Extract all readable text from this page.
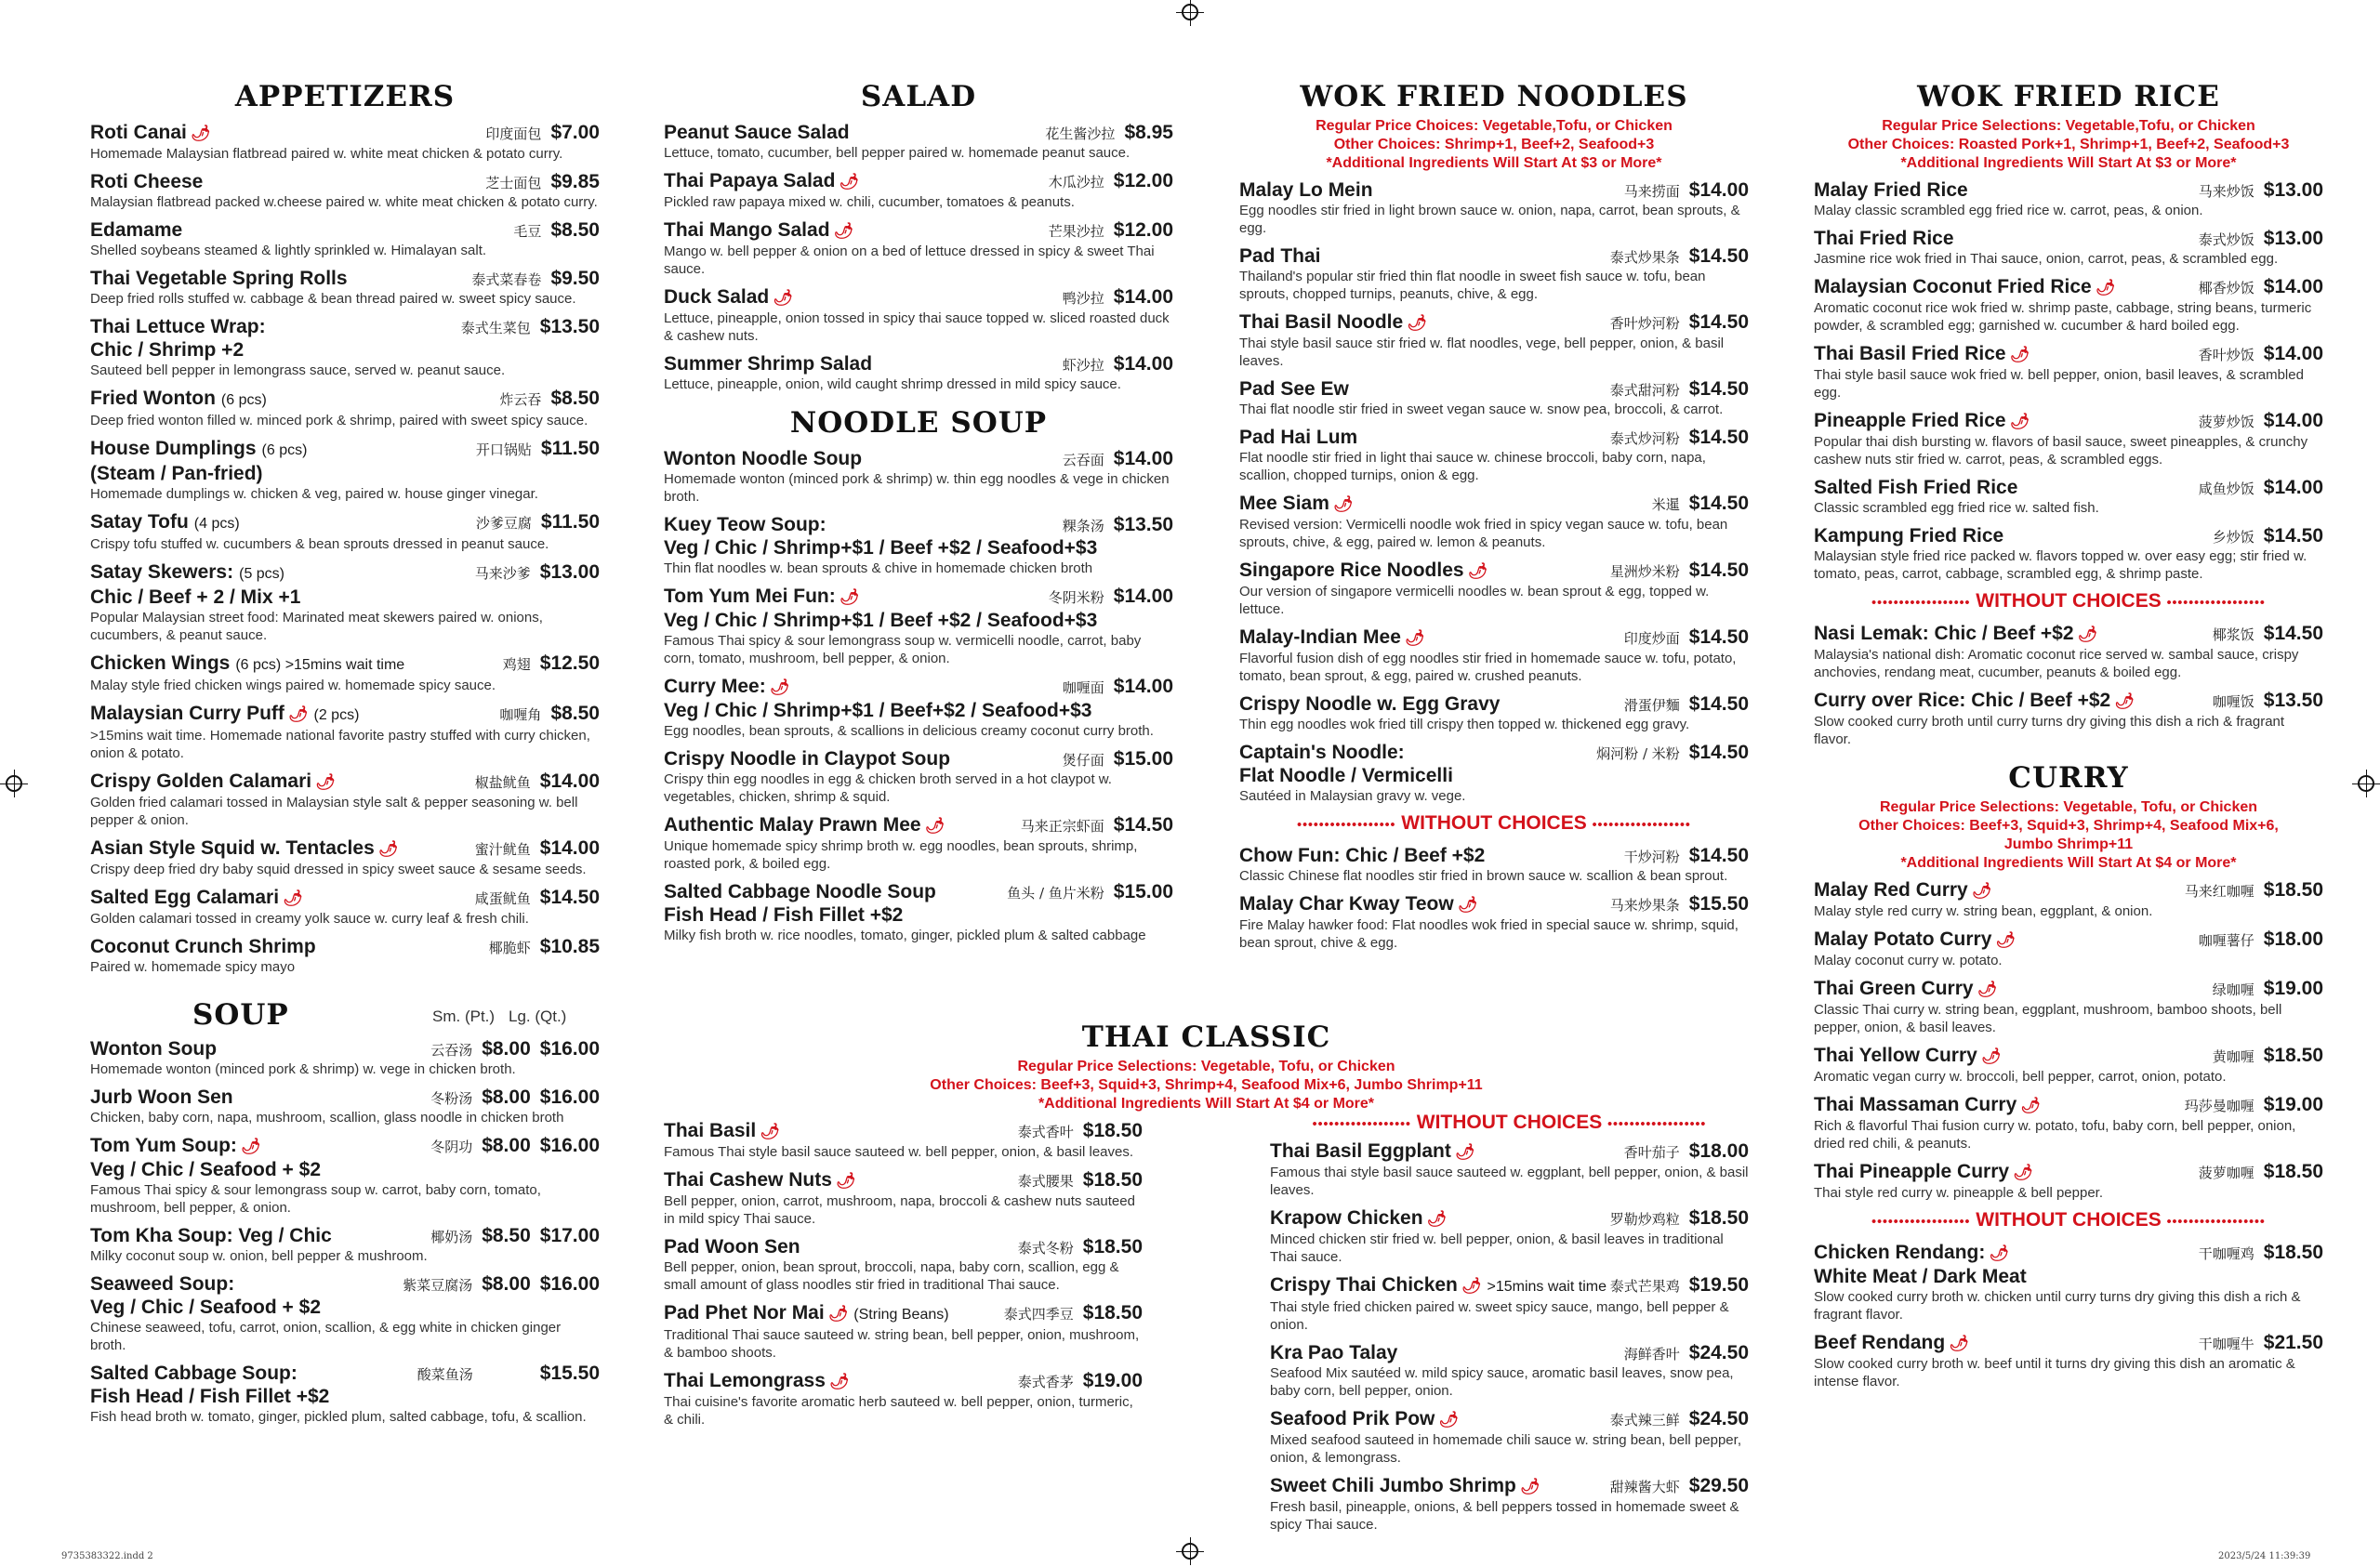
APPETIZERS
Roti Canai 🌶	印度面包 $7.00
Homemade Malaysian flatbread paired w. white meat chicken & potato curry.
Roti Cheese	芝士面包 $9.85
Malaysian flatbread packed w.cheese paired w. white meat chicken & potato curry.
Edamame	毛豆 $8.50
Shelled soybeans steamed & lightly sprinkled w. Himalayan salt.
Thai Vegetable Spring Rolls	泰式菜春卷 $9.50
Deep fried rolls stuffed w. cabbage & bean thread paired w. sweet spicy sauce.
Thai Lettuce Wrap:	泰式生菜包 $13.50
Chic / Shrimp +2
Sauteed bell pepper in lemongrass sauce, served w. peanut sauce.
Fried Wonton (6 pcs)	炸云吞 $8.50
Deep fried wonton filled w. minced pork & shrimp, paired with sweet spicy sauce.
House Dumplings (6 pcs)	开口锅贴 $11.50
(Steam / Pan-fried)
Homemade dumplings w. chicken & veg, paired w. house ginger vinegar.
Satay Tofu (4 pcs)	沙爹豆腐 $11.50
Crispy tofu stuffed w. cucumbers & bean sprouts dressed in peanut sauce.
Satay Skewers: (5 pcs)	马来沙爹 $13.00
Chic / Beef + 2 / Mix +1
Popular Malaysian street food: Marinated meat skewers paired w. onions, cucumbers, & peanut sauce.
Chicken Wings (6 pcs) >15mins wait time	鸡翅 $12.50
Malay style fried chicken wings paired w. homemade spicy sauce.
Malaysian Curry Puff 🌶 (2 pcs)	咖喱角 $8.50
>15mins wait time. Homemade national favorite pastry stuffed with curry chicken, onion & potato.
Crispy Golden Calamari 🌶	椒盐鱿鱼 $14.00
Golden fried calamari tossed in Malaysian style salt & pepper seasoning w. bell pepper & onion.
Asian Style Squid w. Tentacles 🌶	蜜汁鱿鱼 $14.00
Crispy deep fried dry baby squid dressed in spicy sweet sauce & sesame seeds.
Salted Egg Calamari 🌶	咸蛋鱿鱼 $14.50
Golden calamari tossed in creamy yolk sauce w. curry leaf & fresh chili.
Coconut Crunch Shrimp	椰脆虾 $10.85
Paired w. homemade spicy mayo
SOUP	Sm. (Pt.) Lg. (Qt.)
Wonton Soup	云吞汤 $8.00 $16.00
Homemade wonton (minced pork & shrimp) w. vege in chicken broth.
Jurb Woon Sen	冬粉汤 $8.00 $16.00
Chicken, baby corn, napa, mushroom, scallion, glass noodle in chicken broth
Tom Yum Soup: 🌶	冬阴功 $8.00 $16.00
Veg / Chic / Seafood + $2
Famous Thai spicy & sour lemongrass soup w. carrot, baby corn, tomato, mushroom, bell pepper, & onion.
Tom Kha Soup: Veg / Chic	椰奶汤 $8.50 $17.00
Milky coconut soup w. onion, bell pepper & mushroom.
Seaweed Soup:	紫菜豆腐汤 $8.00 $16.00
Veg / Chic / Seafood + $2
Chinese seaweed, tofu, carrot, onion, scallion, & egg white in chicken ginger broth.
Salted Cabbage Soup:	酸菜鱼汤	$15.50
Fish Head / Fish Fillet +$2
Fish head broth w. tomato, ginger, pickled plum, salted cabbage, tofu, & scallion.
SALAD
Peanut Sauce Salad	花生酱沙拉 $8.95
Lettuce, tomato, cucumber, bell pepper paired w. homemade peanut sauce.
Thai Papaya Salad 🌶	木瓜沙拉 $12.00
Pickled raw papaya mixed w. chili, cucumber, tomatoes & peanuts.
Thai Mango Salad 🌶	芒果沙拉 $12.00
Mango w. bell pepper & onion on a bed of lettuce dressed in spicy & sweet Thai sauce.
Duck Salad 🌶	鸭沙拉 $14.00
Lettuce, pineapple, onion tossed in spicy thai sauce topped w. sliced roasted duck & cashew nuts.
Summer Shrimp Salad	虾沙拉 $14.00
Lettuce, pineapple, onion, wild caught shrimp dressed in mild spicy sauce.
NOODLE SOUP
Wonton Noodle Soup	云吞面 $14.00
Homemade wonton (minced pork & shrimp) w. thin egg noodles & vege in chicken broth.
Kuey Teow Soup:	粿条汤 $13.50
Veg / Chic / Shrimp+$1 / Beef +$2 / Seafood+$3
Thin flat noodles w. bean sprouts & chive in homemade chicken broth
Tom Yum Mei Fun: 🌶	冬阴米粉 $14.00
Veg / Chic / Shrimp+$1 / Beef +$2 / Seafood+$3
Famous Thai spicy & sour lemongrass soup w. vermicelli noodle, carrot, baby corn, tomato, mushroom, bell pepper, & onion.
Curry Mee: 🌶	咖喱面 $14.00
Veg / Chic / Shrimp+$1 / Beef+$2 / Seafood+$3
Egg noodles, bean sprouts, & scallions in delicious creamy coconut curry broth.
Crispy Noodle in Claypot Soup	煲仔面 $15.00
Crispy thin egg noodles in egg & chicken broth served in a hot claypot w. vegetables, chicken, shrimp & squid.
Authentic Malay Prawn Mee 🌶	马来正宗虾面 $14.50
Unique homemade spicy shrimp broth w. egg noodles, bean sprouts, shrimp, roasted pork, & boiled egg.
Salted Cabbage Noodle Soup	鱼头 / 鱼片米粉 $15.00
Fish Head / Fish Fillet +$2
Milky fish broth w. rice noodles, tomato, ginger, pickled plum & salted cabbage
WOK FRIED NOODLES
Regular Price Choices: Vegetable,Tofu, or Chicken
Other Choices: Shrimp+1, Beef+2, Seafood+3
*Additional Ingredients Will Start At $3 or More*
Malay Lo Mein	马来捞面 $14.00
Egg noodles stir fried in light brown sauce w. onion, napa, carrot, bean sprouts, & egg.
Pad Thai	泰式炒果条 $14.50
Thailand's popular stir fried thin flat noodle in sweet fish sauce w. tofu, bean sprouts, chopped turnips, peanuts, chive, & egg.
Thai Basil Noodle 🌶	香叶炒河粉 $14.50
Thai style basil sauce stir fried w. flat noodles, vege, bell pepper, onion, & basil leaves.
Pad See Ew	泰式甜河粉 $14.50
Thai flat noodle stir fried in sweet vegan sauce w. snow pea, broccoli, & carrot.
Pad Hai Lum	泰式炒河粉 $14.50
Flat noodle stir fried in light thai sauce w. chinese broccoli, baby corn, napa, scallion, chopped turnips, onion & egg.
Mee Siam 🌶	米暹 $14.50
Revised version: Vermicelli noodle wok fried in spicy vegan sauce w. tofu, bean sprouts, chive, & egg, paired w. lemon & peanuts.
Singapore Rice Noodles 🌶	星洲炒米粉 $14.50
Our version of singapore vermicelli noodles w. bean sprout & egg, topped w. lettuce.
Malay-Indian Mee 🌶	印度炒面 $14.50
Flavorful fusion dish of egg noodles stir fried in homemade sauce w. tofu, potato, tomato, bean sprout, & egg, paired w. crushed peanuts.
Crispy Noodle w. Egg Gravy	滑蛋伊麵 $14.50
Thin egg noodles wok fried till crispy then topped w. thickened egg gravy.
Captain's Noodle:	焖河粉 / 米粉 $14.50
Flat Noodle / Vermicelli
Sautéed in Malaysian gravy w. vege.
•••••••••••••••••• WITHOUT CHOICES ••••••••••••••••••
Chow Fun: Chic / Beef +$2	干炒河粉 $14.50
Classic Chinese flat noodles stir fried in brown sauce w. scallion & bean sprout.
Malay Char Kway Teow 🌶	马来炒果条 $15.50
Fire Malay hawker food: Flat noodles wok fried in special sauce w. shrimp, squid, bean sprout, chive & egg.
WOK FRIED RICE
Regular Price Selections: Vegetable,Tofu, or Chicken
Other Choices: Roasted Pork+1, Shrimp+1, Beef+2, Seafood+3
*Additional Ingredients Will Start At $3 or More*
Malay Fried Rice	马来炒饭 $13.00
Malay classic scrambled egg fried rice w. carrot, peas, & onion.
Thai Fried Rice	泰式炒饭 $13.00
Jasmine rice wok fried in Thai sauce, onion, carrot, peas, & scrambled egg.
Malaysian Coconut Fried Rice 🌶	椰香炒饭 $14.00
Aromatic coconut rice wok fried w. shrimp paste, cabbage, string beans, turmeric powder, & scrambled egg; garnished w. cucumber & hard boiled egg.
Thai Basil Fried Rice 🌶	香叶炒饭 $14.00
Thai style basil sauce wok fried w. bell pepper, onion, basil leaves, & scrambled egg.
Pineapple Fried Rice 🌶	菠萝炒饭 $14.00
Popular thai dish bursting w. flavors of basil sauce, sweet pineapples, & crunchy cashew nuts stir fried w. carrot, peas, & scrambled eggs.
Salted Fish Fried Rice	咸鱼炒饭 $14.00
Classic scrambled egg fried rice w. salted fish.
Kampung Fried Rice	乡炒饭 $14.50
Malaysian style fried rice packed w. flavors topped w. over easy egg; stir fried w. tomato, peas, carrot, cabbage, scrambled egg, & shrimp paste.
•••••••••••••••••• WITHOUT CHOICES ••••••••••••••••••
Nasi Lemak: Chic / Beef +$2 🌶	椰浆饭 $14.50
Malaysia's national dish: Aromatic coconut rice served w. sambal sauce, crispy anchovies, rendang meat, cucumber, peanuts & boiled egg.
Curry over Rice: Chic / Beef +$2 🌶	咖喱饭 $13.50
Slow cooked curry broth until curry turns dry giving this dish a rich & fragrant flavor.
CURRY
Regular Price Selections: Vegetable, Tofu, or Chicken
Other Choices: Beef+3, Squid+3, Shrimp+4, Seafood Mix+6,
Jumbo Shrimp+11
*Additional Ingredients Will Start At $4 or More*
Malay Red Curry 🌶	马来红咖喱 $18.50
Malay style red curry w. string bean, eggplant, & onion.
Malay Potato Curry 🌶	咖喱薯仔 $18.00
Malay coconut curry w. potato.
Thai Green Curry 🌶	绿咖喱 $19.00
Classic Thai curry w. string bean, eggplant, mushroom, bamboo shoots, bell pepper, onion, & basil leaves.
Thai Yellow Curry 🌶	黄咖喱 $18.50
Aromatic vegan curry w. broccoli, bell pepper, carrot, onion, potato.
Thai Massaman Curry 🌶	玛莎曼咖喱 $19.00
Rich & flavorful Thai fusion curry w. potato, tofu, baby corn, bell pepper, onion, dried red chili, & peanuts.
Thai Pineapple Curry 🌶	菠萝咖喱 $18.50
Thai style red curry w. pineapple & bell pepper.
•••••••••••••••••• WITHOUT CHOICES ••••••••••••••••••
Chicken Rendang: 🌶	干咖喱鸡 $18.50
White Meat / Dark Meat
Slow cooked curry broth w. chicken until curry turns dry giving this dish a rich & fragrant flavor.
Beef Rendang 🌶	干咖喱牛 $21.50
Slow cooked curry broth w. beef until it turns dry giving this dish an aromatic & intense flavor.
THAI CLASSIC
Regular Price Selections: Vegetable, Tofu, or Chicken
Other Choices: Beef+3, Squid+3, Shrimp+4, Seafood Mix+6, Jumbo Shrimp+11
*Additional Ingredients Will Start At $4 or More*
Thai Basil 🌶	泰式香叶 $18.50
Famous Thai style basil sauce sauteed w. bell pepper, onion, & basil leaves.
Thai Cashew Nuts 🌶	泰式腰果 $18.50
Bell pepper, onion, carrot, mushroom, napa, broccoli & cashew nuts sauteed in mild spicy Thai sauce.
Pad Woon Sen	泰式冬粉 $18.50
Bell pepper, onion, bean sprout, broccoli, napa, baby corn, scallion, egg & small amount of glass noodles stir fried in traditional Thai sauce.
Pad Phet Nor Mai 🌶 (String Beans)	泰式四季豆 $18.50
Traditional Thai sauce sauteed w. string bean, bell pepper, onion, mushroom, & bamboo shoots.
Thai Lemongrass 🌶	泰式香茅 $19.00
Thai cuisine's favorite aromatic herb sauteed w. bell pepper, onion, turmeric, & chili.
•••••••••••••••••• WITHOUT CHOICES ••••••••••••••••••
Thai Basil Eggplant 🌶	香叶茄子 $18.00
Famous thai style basil sauce sauteed w. eggplant, bell pepper, onion, & basil leaves.
Krapow Chicken 🌶	罗勒炒鸡粒 $18.50
Minced chicken stir fried w. bell pepper, onion, & basil leaves in traditional Thai sauce.
Crispy Thai Chicken 🌶 >15mins wait time 泰式芒果鸡 $19.50
Thai style fried chicken paired w. sweet spicy sauce, mango, bell pepper & onion.
Kra Pao Talay	海鲜香叶 $24.50
Seafood Mix sautéed w. mild spicy sauce, aromatic basil leaves, snow pea, baby corn, bell pepper, onion.
Seafood Prik Pow 🌶	泰式辣三鲜 $24.50
Mixed seafood sauteed in homemade chili sauce w. string bean, bell pepper, onion, & lemongrass.
Sweet Chili Jumbo Shrimp 🌶	甜辣酱大虾 $29.50
Fresh basil, pineapple, onions, & bell peppers tossed in homemade sweet & spicy Thai sauce.
9735383322.indd 2	2023/5/24 11:39:39
